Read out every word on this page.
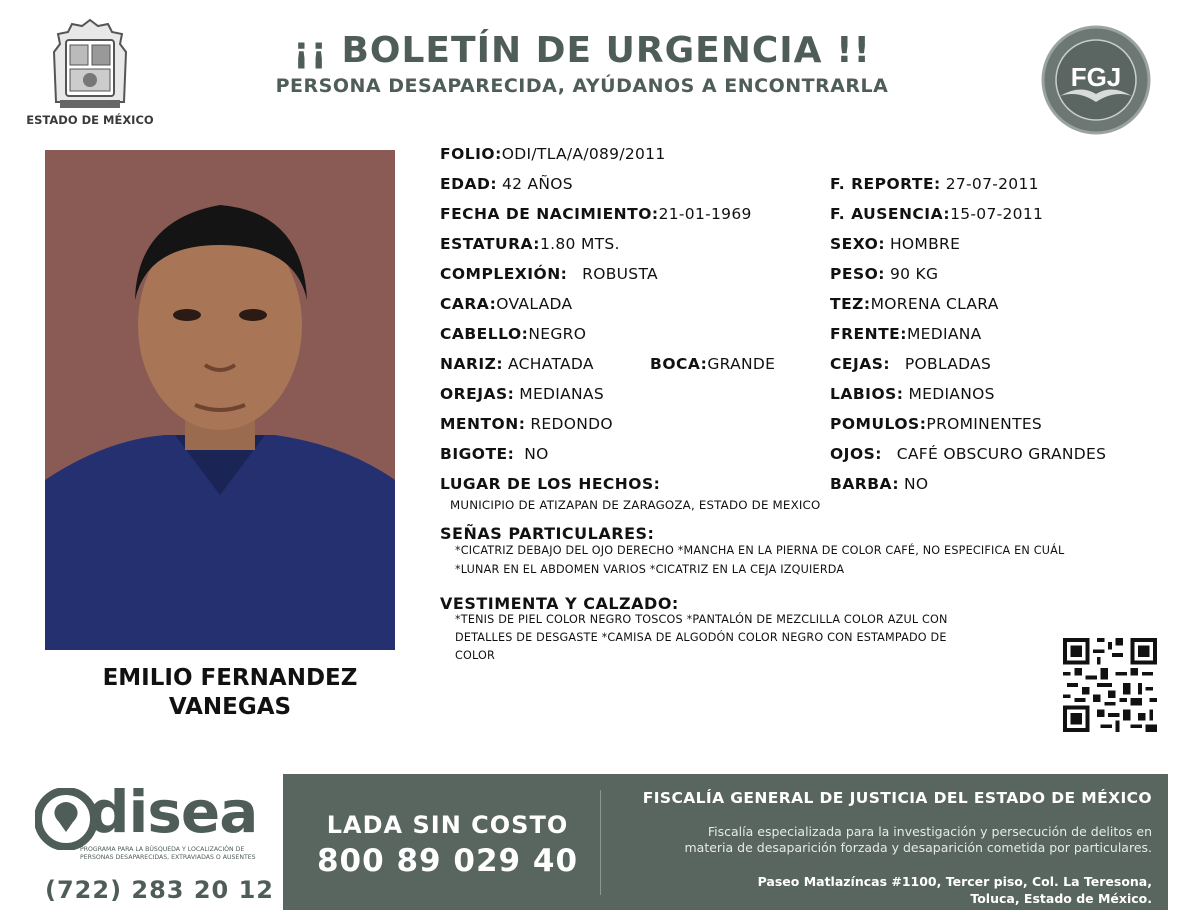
ESTADO DE MÉXICO
¡¡ BOLETÍN DE URGENCIA !!
PERSONA DESAPARECIDA, AYÚDANOS A ENCONTRARLA	FGJ
EMILIO FERNANDEZ
VANEGAS
FOLIO:ODI/TLA/A/089/2011
EDAD: 42 AÑOS
FECHA DE NACIMIENTO:21-01-1969
ESTATURA:1.80 MTS.
COMPLEXIÓN: ROBUSTA
CARA:OVALADA
CABELLO:NEGRO
NARIZ: ACHATADA	BOCA:GRANDE
OREJAS: MEDIANAS
MENTON: REDONDO
BIGOTE: NO
LUGAR DE LOS HECHOS:
MUNICIPIO DE ATIZAPAN DE ZARAGOZA, ESTADO DE MEXICO
F. REPORTE: 27-07-2011
F. AUSENCIA:15-07-2011
SEXO: HOMBRE
PESO: 90 KG
TEZ:MORENA CLARA
FRENTE:MEDIANA
CEJAS: POBLADAS
LABIOS: MEDIANOS
POMULOS:PROMINENTES
OJOS: CAFÉ OBSCURO GRANDES
BARBA: NO
SEÑAS PARTICULARES:
*CICATRIZ DEBAJO DEL OJO DERECHO *MANCHA EN LA PIERNA DE COLOR CAFÉ, NO ESPECIFICA EN CUÁL
*LUNAR EN EL ABDOMEN VARIOS *CICATRIZ EN LA CEJA IZQUIERDA
VESTIMENTA Y CALZADO:
*TENIS DE PIEL COLOR NEGRO TOSCOS *PANTALÓN DE MEZCLILLA COLOR AZUL CON
DETALLES DE DESGASTE *CAMISA DE ALGODÓN COLOR NEGRO CON ESTAMPADO DE
COLOR
disea
PROGRAMA PARA LA BÚSQUEDA Y LOCALIZACIÓN DE PERSONAS DESAPARECIDAS, EXTRAVIADAS O AUSENTES
(722) 283 20 12
LADA SIN COSTO
800 89 029 40
FISCALÍA GENERAL DE JUSTICIA DEL ESTADO DE MÉXICO
Fiscalía especializada para la investigación y persecución de delitos en
materia de desaparición forzada y desaparición cometida por particulares.
Paseo Matlazíncas #1100, Tercer piso, Col. La Teresona,
Toluca, Estado de México.
